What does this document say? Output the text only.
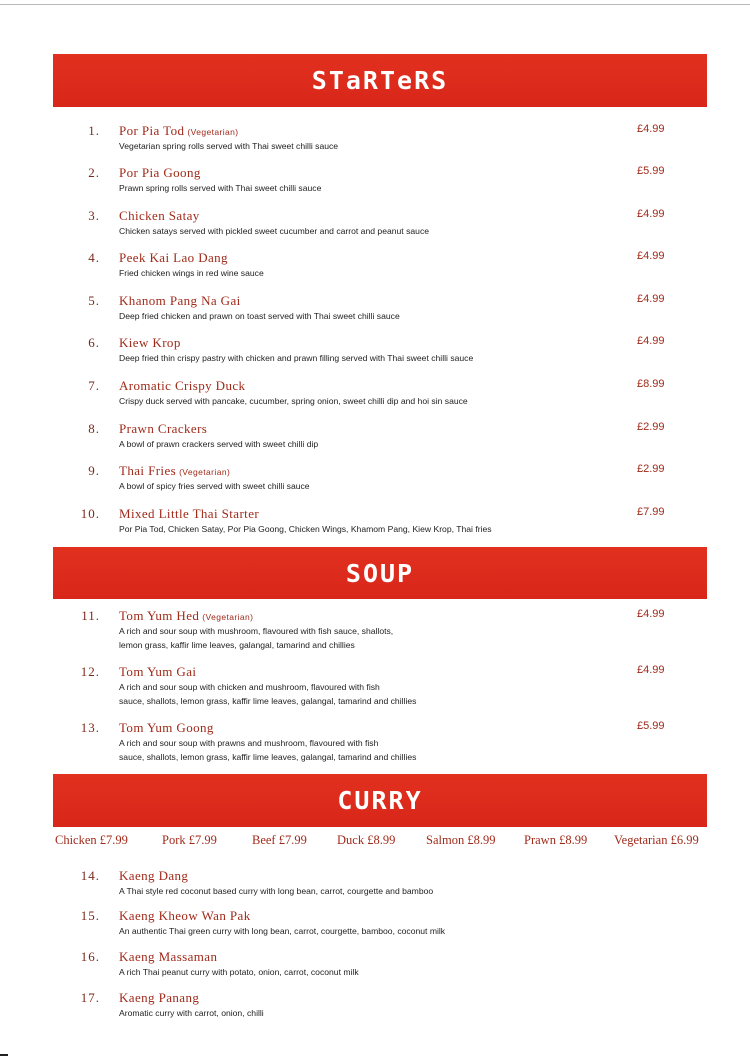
STaRTeRS
1. Por Pia Tod (Vegetarian)
Vegetarian spring rolls served with Thai sweet chilli sauce
£4.99
2. Por Pia Goong
Prawn spring rolls served with Thai sweet chilli sauce
£5.99
3. Chicken Satay
Chicken satays served with pickled sweet cucumber and carrot and peanut sauce
£4.99
4. Peek Kai Lao Dang
Fried chicken wings in red wine sauce
£4.99
5. Khanom Pang Na Gai
Deep fried chicken and prawn on toast served with Thai sweet chilli sauce
£4.99
6. Kiew Krop
Deep fried thin crispy pastry with chicken and prawn filling served with Thai sweet chilli sauce
£4.99
7. Aromatic Crispy Duck
Crispy duck served with pancake, cucumber, spring onion, sweet chilli dip and hoi sin sauce
£8.99
8. Prawn Crackers
A bowl of prawn crackers served with sweet chilli dip
£2.99
9. Thai Fries (Vegetarian)
A bowl of spicy fries served with sweet chilli sauce
£2.99
10. Mixed Little Thai Starter
Por Pia Tod, Chicken Satay, Por Pia Goong, Chicken Wings, Khamom Pang, Kiew Krop, Thai fries
£7.99
SOUP
11. Tom Yum Hed (Vegetarian)
A rich and sour soup with mushroom, flavoured with fish sauce, shallots,
lemon grass, kaffir lime leaves, galangal, tamarind and chillies
£4.99
12. Tom Yum Gai
A rich and sour soup with chicken and mushroom, flavoured with fish
sauce, shallots, lemon grass, kaffir lime leaves, galangal, tamarind and chillies
£4.99
13. Tom Yum Goong
A rich and sour soup with prawns and mushroom, flavoured with fish
sauce, shallots, lemon grass, kaffir lime leaves, galangal, tamarind and chillies
£5.99
CURRY
Chicken £7.99	Pork £7.99	Beef £7.99 Duck £8.99 Salmon £8.99 Prawn £8.99 Vegetarian £6.99
14. Kaeng Dang
A Thai style red coconut based curry with long bean, carrot, courgette and bamboo
15. Kaeng Kheow Wan Pak
An authentic Thai green curry with long bean, carrot, courgette, bamboo, coconut milk
16. Kaeng Massaman
A rich Thai peanut curry with potato, onion, carrot, coconut milk
17. Kaeng Panang
Aromatic curry with carrot, onion, chilli
